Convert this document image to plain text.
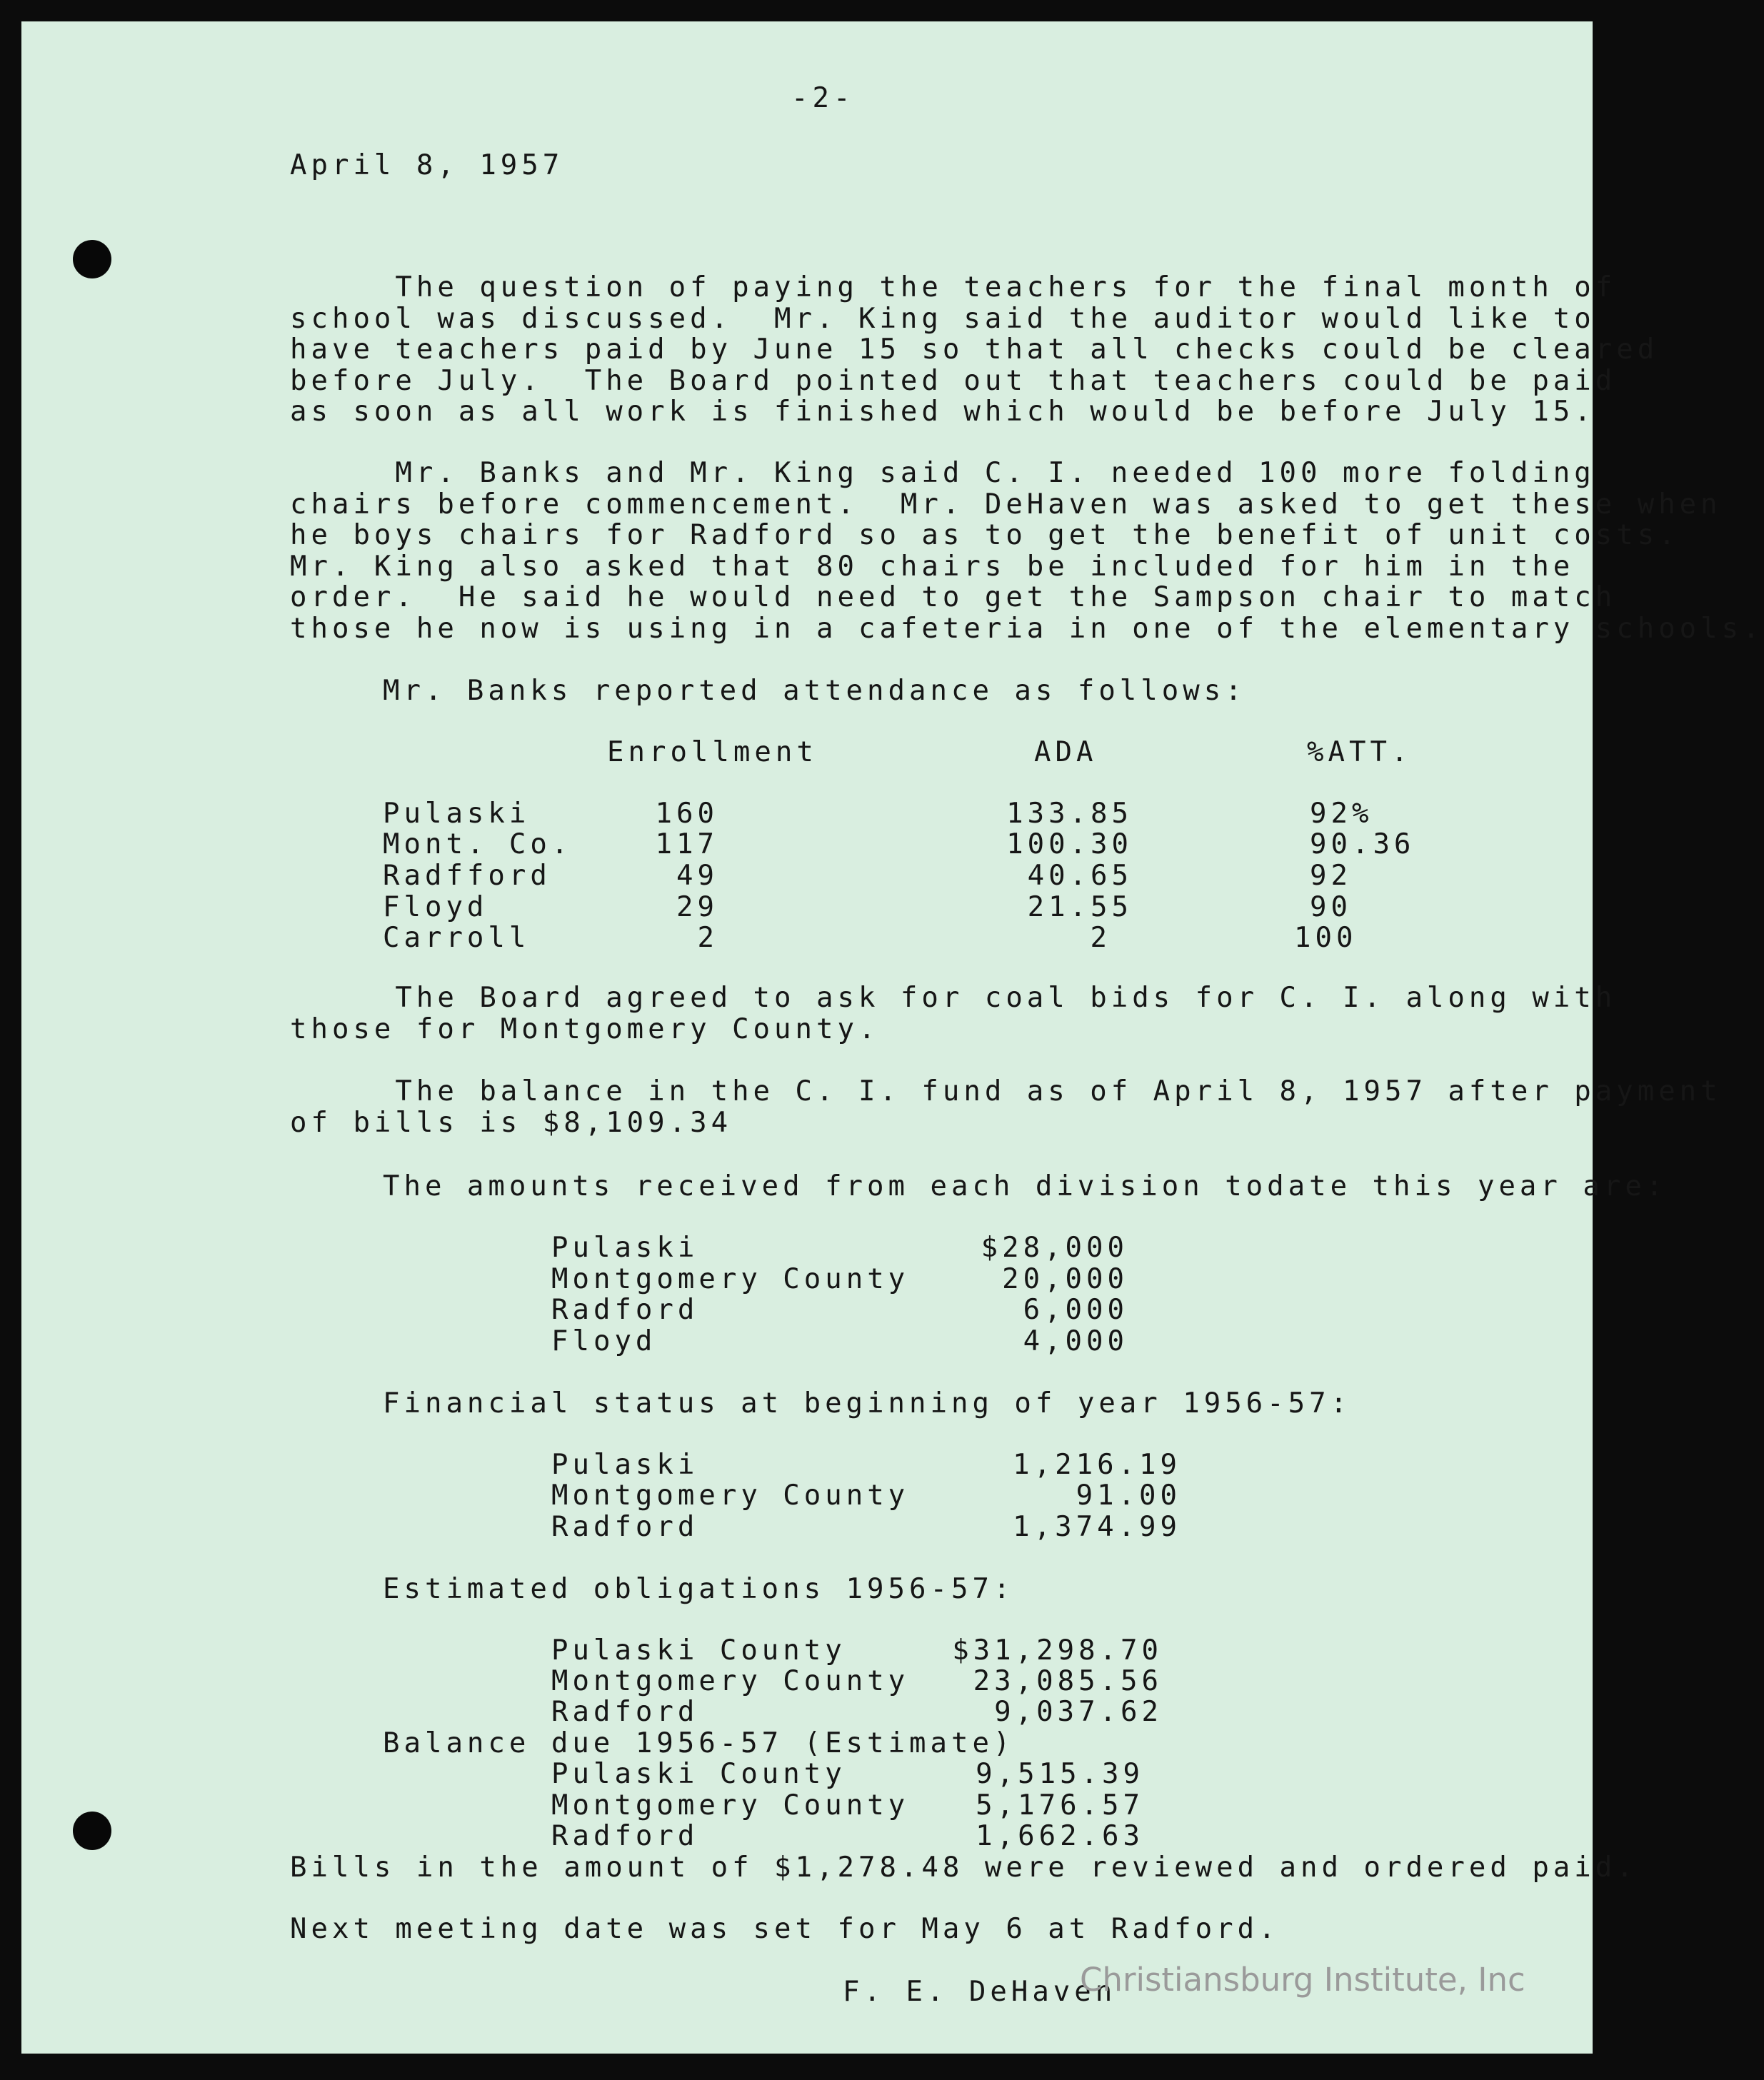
-2-
April 8, 1957
The question of paying the teachers for the final month of
school was discussed.  Mr. King said the auditor would like to
have teachers paid by June 15 so that all checks could be cleared
before July.  The Board pointed out that teachers could be paid
as soon as all work is finished which would be before July 15.
Mr. Banks and Mr. King said C. I. needed 100 more folding
chairs before commencement.  Mr. DeHaven was asked to get these when
he boys chairs for Radford so as to get the benefit of unit costs.
Mr. King also asked that 80 chairs be included for him in the
order.  He said he would need to get the Sampson chair to match
those he now is using in a cafeteria in one of the elementary schools.
Mr. Banks reported attendance as follows:
Enrollment	ADA	%ATT.
Pulaski	160	133.85	92%
Mont. Co.	117	100.30	90.36
Radfford	49	40.65	92
Floyd	29	21.55	90
Carroll	2	2	100
The Board agreed to ask for coal bids for C. I. along with
those for Montgomery County.
The balance in the C. I. fund as of April 8, 1957 after payment
of bills is $8,109.34
The amounts received from each division todate this year are:
Pulaski	$28,000
Montgomery County	20,000
Radford	6,000
Floyd	4,000
Financial status at beginning of year 1956-57:
Pulaski	1,216.19
Montgomery County	91.00
Radford	1,374.99
Estimated obligations 1956-57:
Pulaski County	$31,298.70
Montgomery County 23,085.56
Radford	9,037.62
Balance due 1956-57 (Estimate)
Pulaski County	9,515.39
Montgomery County 5,176.57
Radford	1,662.63
Bills in the amount of $1,278.48 were reviewed and ordered paid.
Next meeting date was set for May 6 at Radford.
F. E. DeHaven
Christiansburg Institute, Inc
